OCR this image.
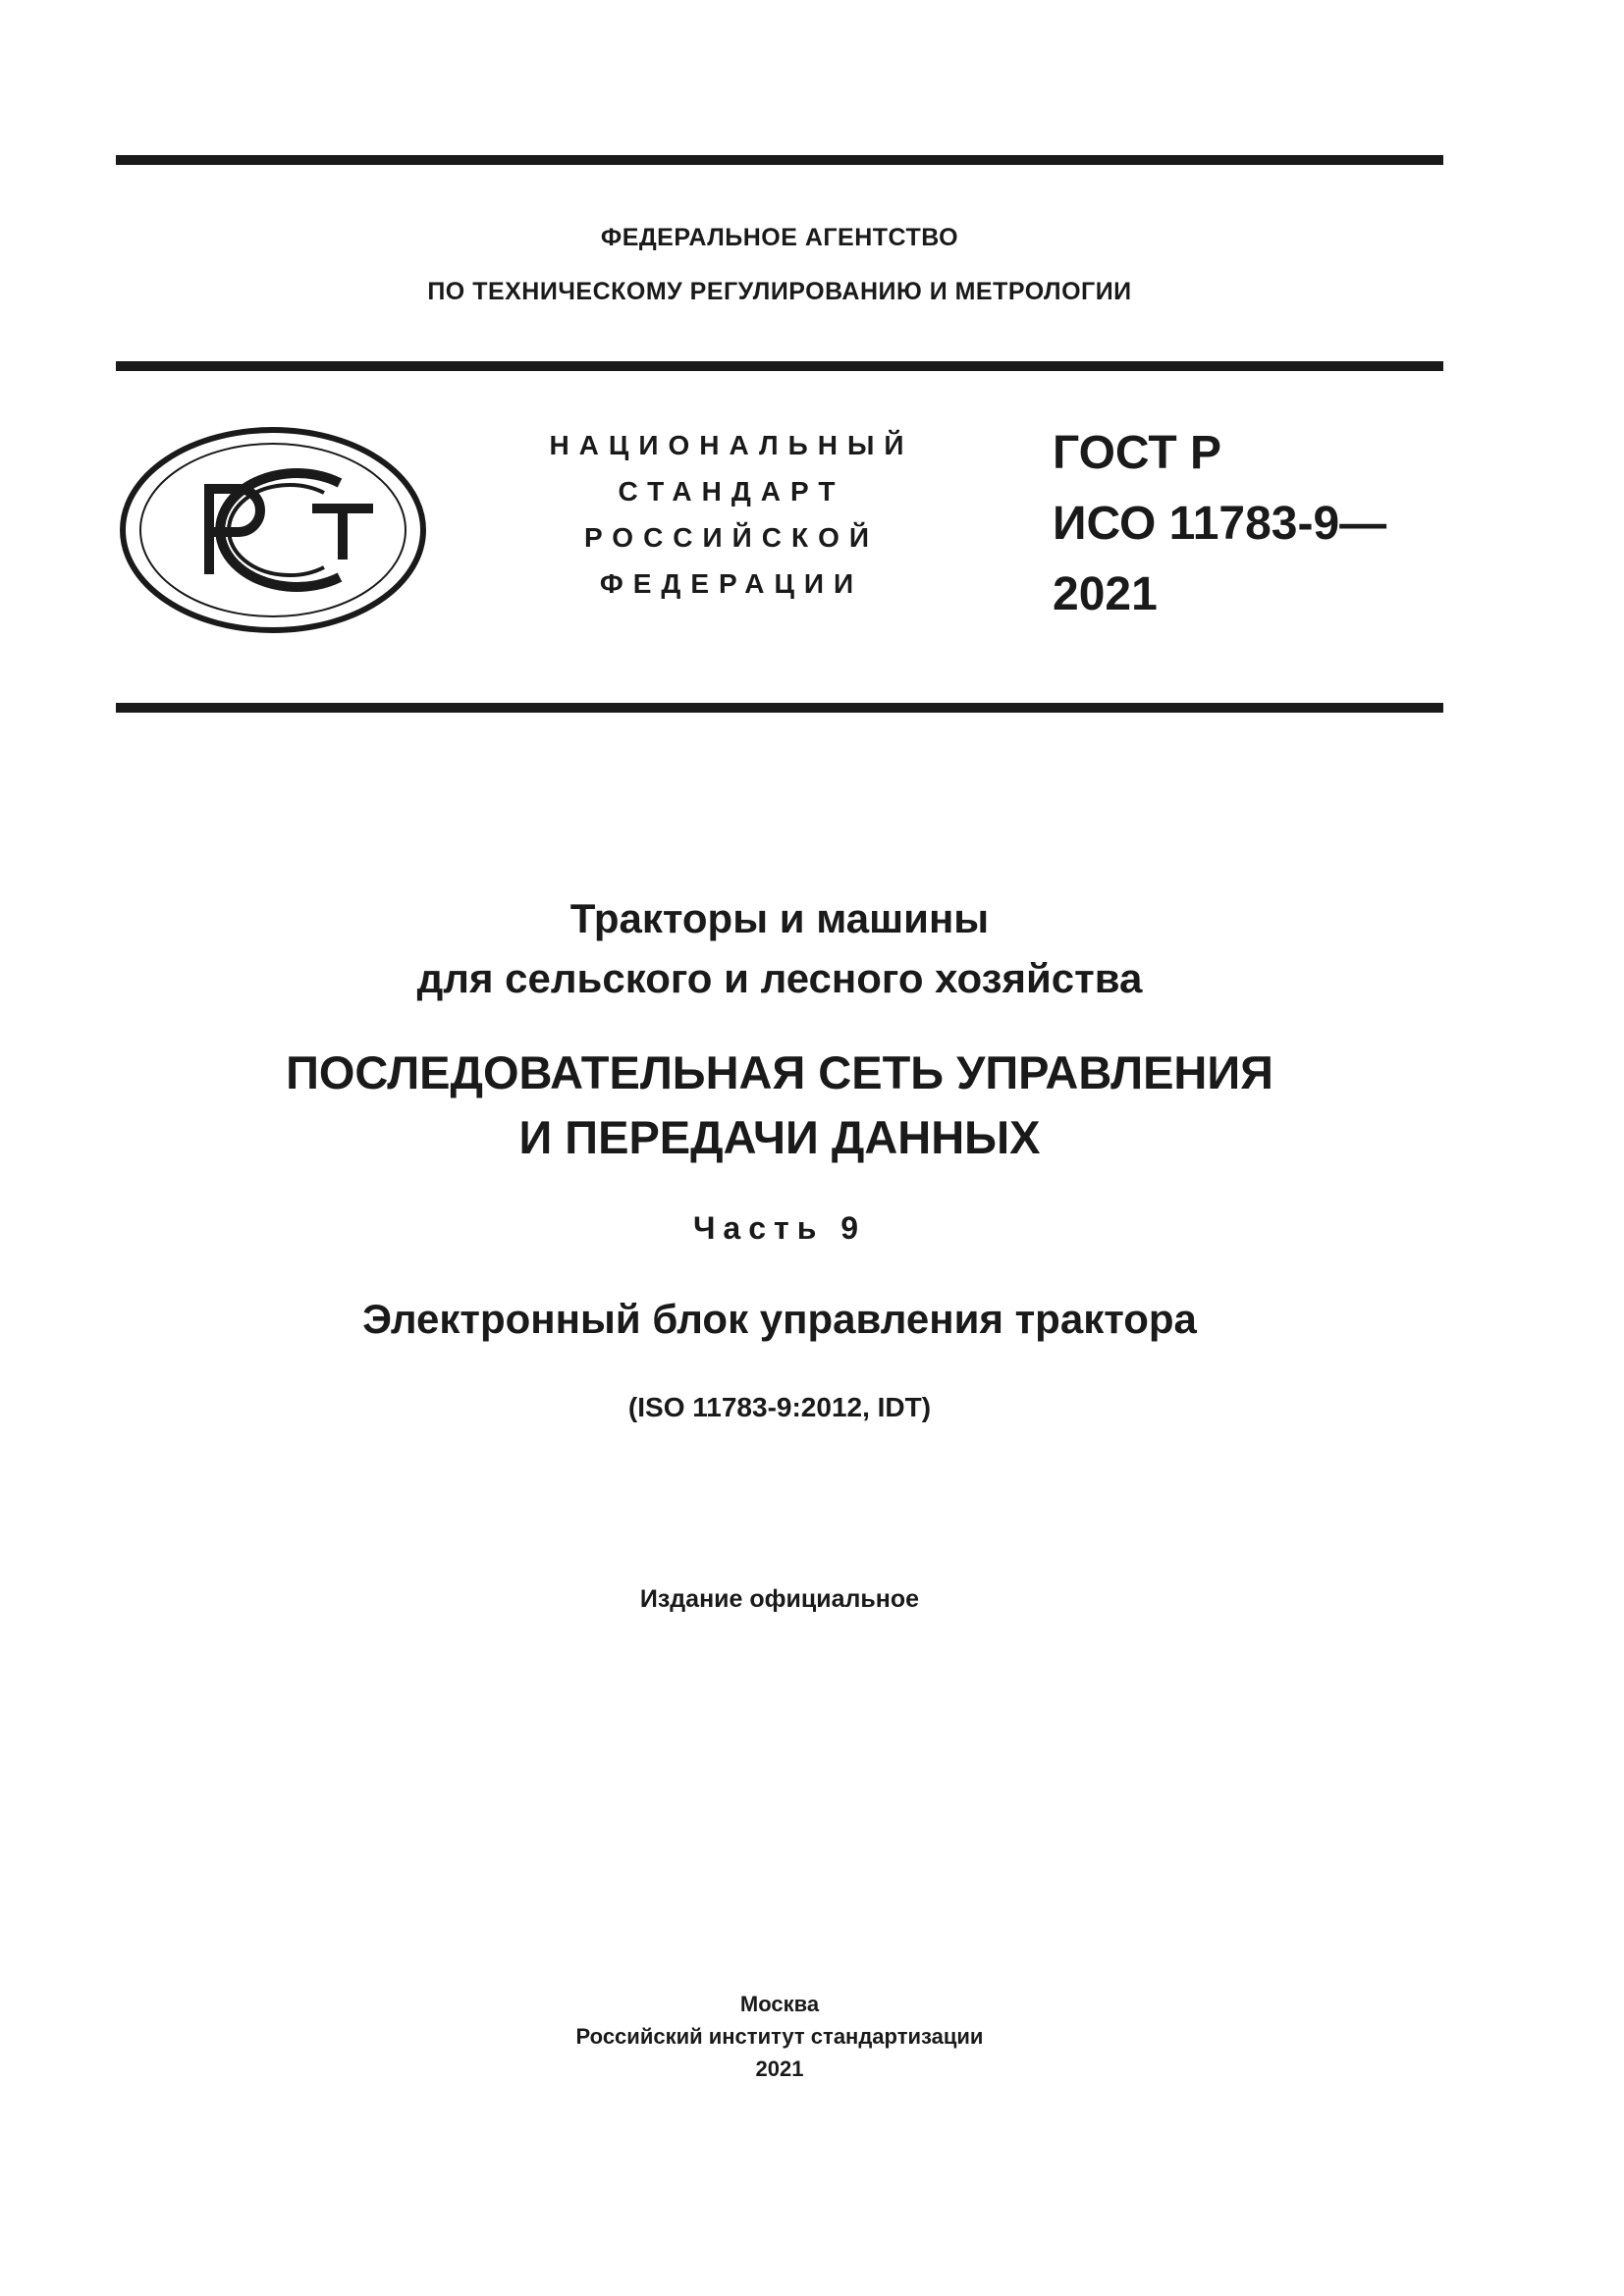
ФЕДЕРАЛЬНОЕ АГЕНТСТВО
ПО ТЕХНИЧЕСКОМУ РЕГУЛИРОВАНИЮ И МЕТРОЛОГИИ
НАЦИОНАЛЬНЫЙ
СТАНДАРТ
РОССИЙСКОЙ
ФЕДЕРАЦИИ
ГОСТ Р
ИСО 11783-9—
2021
Тракторы и машины
для сельского и лесного хозяйства
ПОСЛЕДОВАТЕЛЬНАЯ СЕТЬ УПРАВЛЕНИЯ
И ПЕРЕДАЧИ ДАННЫХ
Часть 9
Электронный блок управления трактора
(ISO 11783-9:2012, IDT)
Издание официальное
Москва
Российский институт стандартизации
2021
